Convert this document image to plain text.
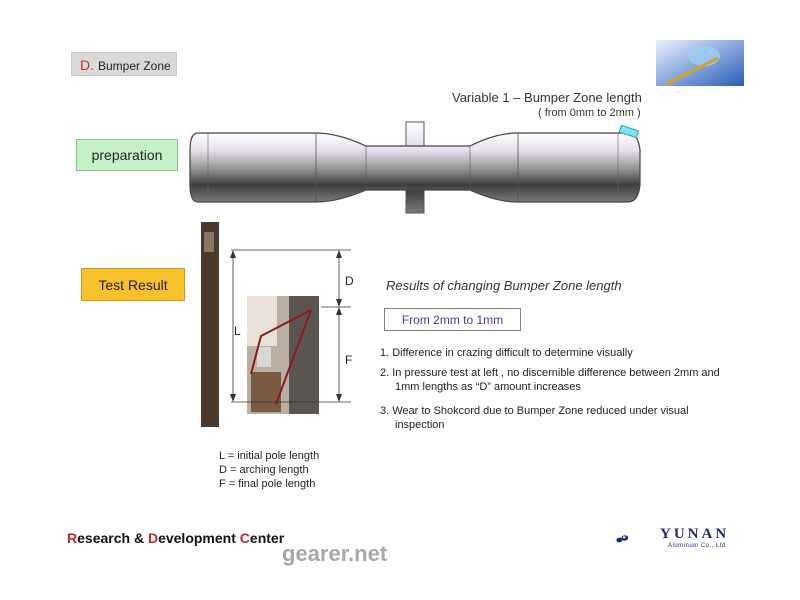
D. Bumper Zone
Variable 1 – Bumper Zone length
( from 0mm to 2mm )
preparation
L
D
F
Test Result	Results of changing Bumper Zone length
From 2mm to 1mm
1. Difference in crazing difficult to determine visually
2. In pressure test at left , no discernible difference between 2mm and 1mm lengths as “D” amount increases
3. Wear to Shokcord due to Bumper Zone reduced under visual inspection
L = initial pole length
D = arching length
F = final pole length
Research & Development Center
gearer.net
YUNAN
Aluminum Co., Ltd
